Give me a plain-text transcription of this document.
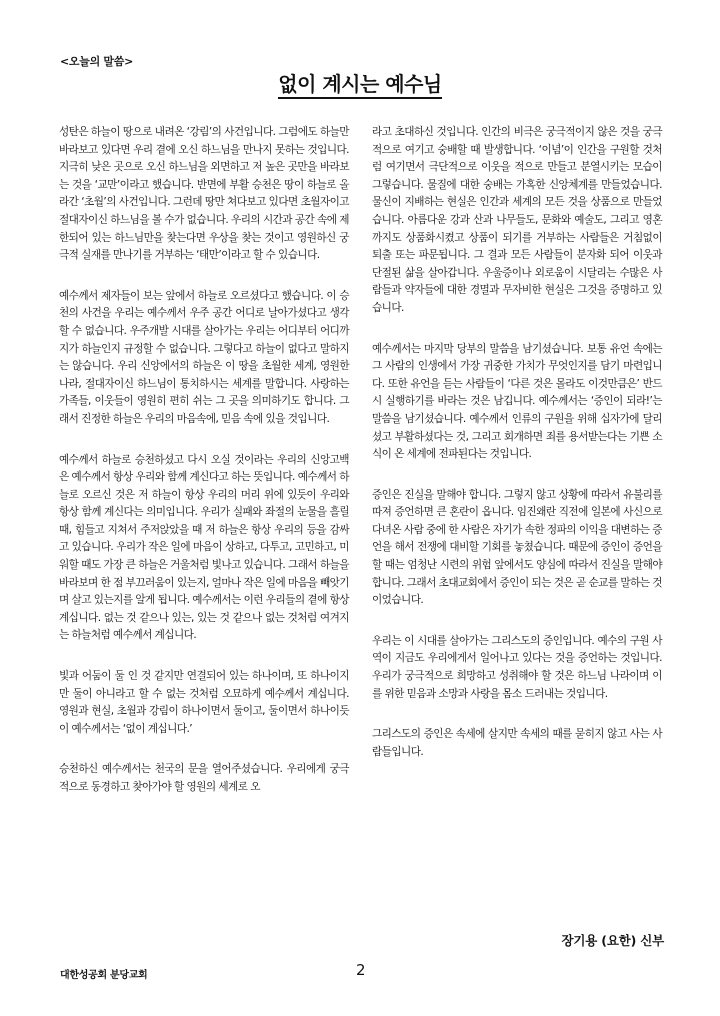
<오늘의 말씀>
없이 계시는 예수님

성탄은 하늘이 땅으로 내려온 ‘강림’의 사건입니다. 그럼에도 하늘만 바라보고 있다면 우리 곁에 오신 하느님을 만나지 못하는 것입니다. 지극히 낮은 곳으로 오신 하느님을 외면하고 저 높은 곳만을 바라보는 것을 ‘교만’이라고 했습니다. 반면에 부활 승천은 땅이 하늘로 올라간 ‘초월’의 사건입니다. 그런데 땅만 쳐다보고 있다면 초월자이고 절대자이신 하느님을 볼 수가 없습니다. 우리의 시간과 공간 속에 제한되어 있는 하느님만을 찾는다면 우상을 찾는 것이고 영원하신 궁극적 실재를 만나기를 거부하는 ‘태만’이라고 할 수 있습니다.

예수께서 제자들이 보는 앞에서 하늘로 오르셨다고 했습니다. 이 승천의 사건을 우리는 예수께서 우주 공간 어디로 날아가셨다고 생각할 수 없습니다. 우주개발 시대를 살아가는 우리는 어디부터 어디까지가 하늘인지 규정할 수 없습니다. 그렇다고 하늘이 없다고 말하지는 않습니다. 우리 신앙에서의 하늘은 이 땅을 초월한 세계, 영원한 나라, 절대자이신 하느님이 통치하시는 세계를 말합니다. 사랑하는 가족들, 이웃들이 영원히 편히 쉬는 그 곳을 의미하기도 합니다. 그래서 진정한 하늘은 우리의 마음속에, 믿음 속에 있을 것입니다.

예수께서 하늘로 승천하셨고 다시 오실 것이라는 우리의 신앙고백은 예수께서 항상 우리와 함께 계신다고 하는 뜻입니다. 예수께서 하늘로 오르신 것은 저 하늘이 항상 우리의 머리 위에 있듯이 우리와 항상 함께 계신다는 의미입니다. 우리가 실패와 좌절의 눈물을 흘릴 때, 힘들고 지쳐서 주저앉았을 때 저 하늘은 항상 우리의 등을 감싸고 있습니다. 우리가 작은 일에 마음이 상하고, 다투고, 고민하고, 미워할 때도 가장 큰 하늘은 거울처럼 빛나고 있습니다. 그래서 하늘을 바라보며 한 점 부끄러움이 있는지, 얼마나 작은 일에 마음을 빼앗기며 살고 있는지를 알게 됩니다. 예수께서는 이런 우리들의 곁에 항상 계십니다. 없는 것 같으나 있는, 있는 것 같으나 없는 것처럼 여겨지는 하늘처럼 예수께서 계십니다.

빛과 어둠이 둘 인 것 같지만 연결되어 있는 하나이며, 또 하나이지만 둘이 아니라고 할 수 없는 것처럼 오묘하게 예수께서 계십니다. 영원과 현실, 초월과 강림이 하나이면서 둘이고, 둘이면서 하나이듯이 예수께서는 ‘없이 계십니다.’

승천하신 예수께서는 천국의 문을 열어주셨습니다. 우리에게 궁극적으로 동경하고 찾아가야 할 영원의 세계로 오

라고 초대하신 것입니다. 인간의 비극은 궁극적이지 않은 것을 궁극적으로 여기고 숭배할 때 발생합니다. ‘이념’이 인간을 구원할 것처럼 여기면서 극단적으로 이웃을 적으로 만들고 분열시키는 모습이 그렇습니다. 물질에 대한 숭배는 가혹한 신앙체계를 만들었습니다. 물신이 지배하는 현실은 인간과 세계의 모든 것을 상품으로 만들었습니다. 아름다운 강과 산과 나무들도, 문화와 예술도, 그리고 영혼까지도 상품화시켰고 상품이 되기를 거부하는 사람들은 거침없이 퇴출 또는 파문됩니다. 그 결과 모든 사람들이 분자화 되어 이웃과 단절된 삶을 살아갑니다. 우울증이나 외로움이 시달리는 수많은 사람들과 약자들에 대한 경멸과 무자비한 현실은 그것을 증명하고 있습니다.

예수께서는 마지막 당부의 말씀을 남기셨습니다. 보통 유언 속에는 그 사람의 인생에서 가장 귀중한 가치가 무엇인지를 담기 마련입니다. 또한 유언을 듣는 사람들이 ‘다른 것은 몰라도 이것만큼은’ 반드시 실행하기를 바라는 것은 남깁니다. 예수께서는 ‘증인이 되라!’는 말씀을 남기셨습니다. 예수께서 인류의 구원을 위해 십자가에 달리셨고 부활하셨다는 것, 그리고 회개하면 죄를 용서받는다는 기쁜 소식이 온 세계에 전파된다는 것입니다.

증인은 진실을 말해야 합니다. 그렇지 않고 상황에 따라서 유불리를 따져 증언하면 큰 혼란이 옵니다. 임진왜란 직전에 일본에 사신으로 다녀온 사람 중에 한 사람은 자기가 속한 정파의 이익을 대변하는 증언을 해서 전쟁에 대비할 기회를 놓쳤습니다. 때문에 증인이 증언을 할 때는 엄청난 시련의 위험 앞에서도 양심에 따라서 진실을 말해야 합니다. 그래서 초대교회에서 증인이 되는 것은 곧 순교를 말하는 것이었습니다.

우리는 이 시대를 살아가는 그리스도의 증인입니다. 예수의 구원 사역이 지금도 우리에게서 일어나고 있다는 것을 증언하는 것입니다. 우리가 궁극적으로 희망하고 성취해야 할 것은 하느님 나라이며 이를 위한 믿음과 소망과 사랑을 몸소 드러내는 것입니다.

그리스도의 증인은 속세에 살지만 속세의 때를 묻히지 않고 사는 사람들입니다.

장기용 (요한) 신부
대한성공회 분당교회	2
